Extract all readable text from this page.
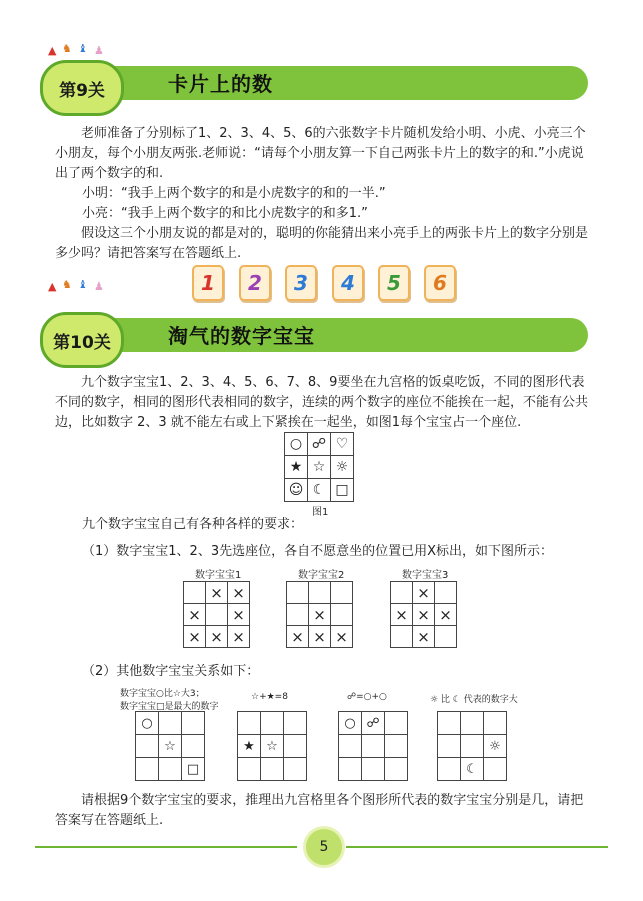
▲ ♞ ♝ ♟
第9关	卡片上的数

老师准备了分别标了1、2、3、4、5、6的六张数字卡片随机发给小明、小虎、小亮三个小朋友，每个小朋友两张.老师说：“请每个小朋友算一下自己两张卡片上的数字的和.”小虎说出了两个数字的和.

小明：“我手上两个数字的和是小虎数字的和的一半.”

小亮：“我手上两个数字的和比小虎数字的和多1.”

假设这三个小朋友说的都是对的，聪明的你能猜出来小亮手上的两张卡片上的数字分别是多少吗？请把答案写在答题纸上.

1	2	3	4	5	6
▲ ♞ ♝ ♟
第10关	淘气的数字宝宝

九个数字宝宝1、2、3、4、5、6、7、8、9要坐在九宫格的饭桌吃饭，不同的图形代表不同的数字，相同的图形代表相同的数字，连续的两个数字的座位不能挨在一起，不能有公共边，比如数字 2、3 就不能左右或上下紧挨在一起坐，如图1每个宝宝占一个座位.

○	☍	♡
★	☆	☼
☺	☾	□
图1

九个数字宝宝自己有各种各样的要求：

（1）数字宝宝1、2、3先选座位，各自不愿意坐的位置已用X标出，如下图所示：

数字宝宝1
	×	×
×		×
×	×	×
数字宝宝2

	×	
×	×	×
数字宝宝3
	×	
×	×	×
	×	

（2）其他数字宝宝关系如下：

数字宝宝○比☆大3；
数字宝宝□是最大的数字
☆+★=8	☍=○+○	☼ 比 ☾ 代表的数字大
○		
	☆	
		□

★	☆	

○	☍	

		☼
	☾	

请根据9个数字宝宝的要求，推理出九宫格里各个图形所代表的数字宝宝分别是几，请把答案写在答题纸上.

5
